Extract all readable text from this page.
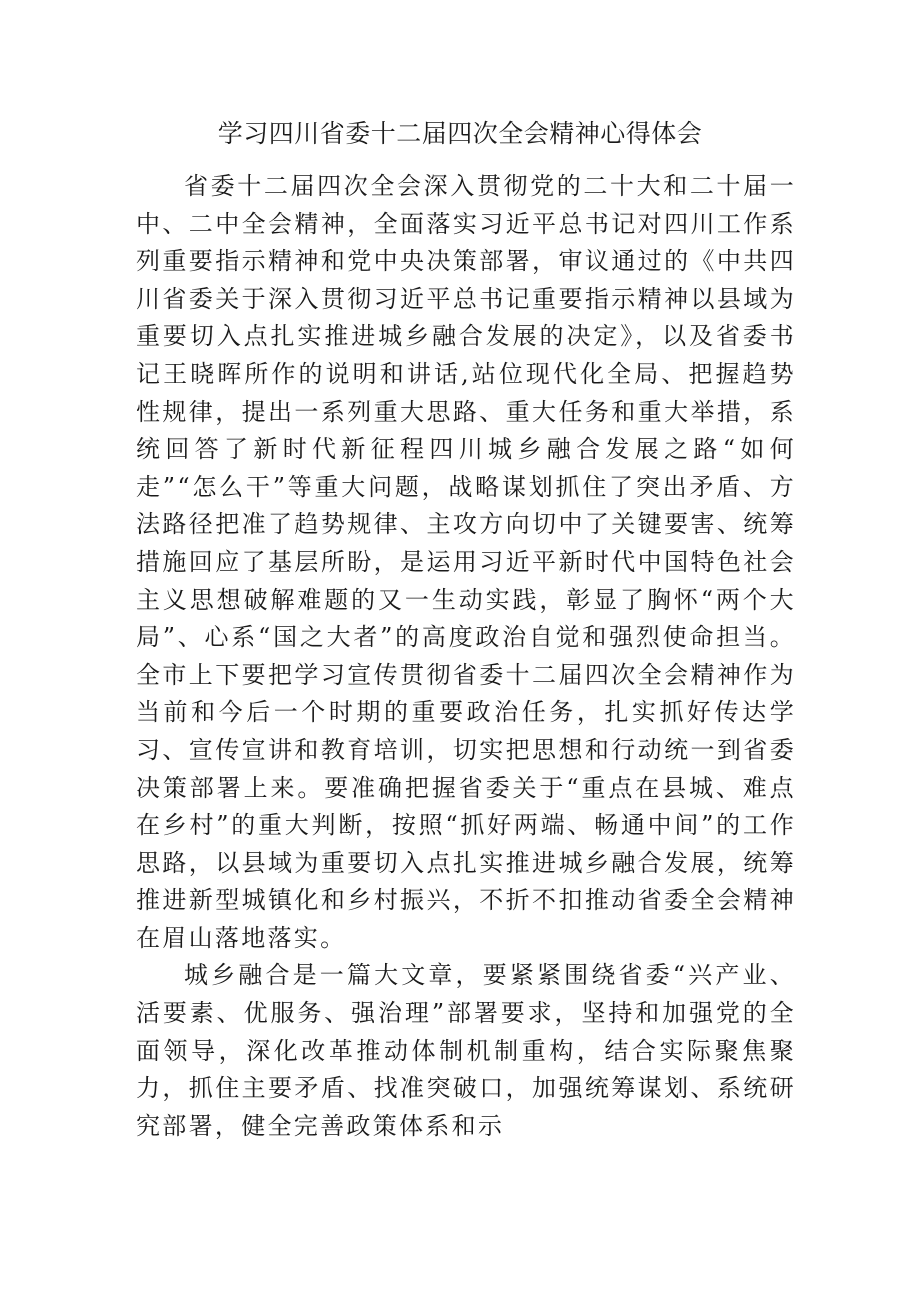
学习四川省委十二届四次全会精神心得体会

省委十二届四次全会深入贯彻党的二十大和二十届一中、二中全会精神，全面落实习近平总书记对四川工作系列重要指示精神和党中央决策部署，审议通过的《中共四川省委关于深入贯彻习近平总书记重要指示精神以县域为重要切入点扎实推进城乡融合发展的决定》，以及省委书记王晓晖所作的说明和讲话,站位现代化全局、把握趋势性规律，提出一系列重大思路、重大任务和重大举措，系统回答了新时代新征程四川城乡融合发展之路“如何走”“怎么干”等重大问题，战略谋划抓住了突出矛盾、方法路径把准了趋势规律、主攻方向切中了关键要害、统筹措施回应了基层所盼，是运用习近平新时代中国特色社会主义思想破解难题的又一生动实践，彰显了胸怀“两个大局”、心系“国之大者”的高度政治自觉和强烈使命担当。全市上下要把学习宣传贯彻省委十二届四次全会精神作为当前和今后一个时期的重要政治任务，扎实抓好传达学习、宣传宣讲和教育培训，切实把思想和行动统一到省委决策部署上来。要准确把握省委关于“重点在县城、难点在乡村”的重大判断，按照“抓好两端、畅通中间”的工作思路，以县域为重要切入点扎实推进城乡融合发展，统筹推进新型城镇化和乡村振兴，不折不扣推动省委全会精神在眉山落地落实。

城乡融合是一篇大文章，要紧紧围绕省委“兴产业、活要素、优服务、强治理”部署要求，坚持和加强党的全面领导，深化改革推动体制机制重构，结合实际聚焦聚力，抓住主要矛盾、找准突破口，加强统筹谋划、系统研究部署，健全完善政策体系和示
